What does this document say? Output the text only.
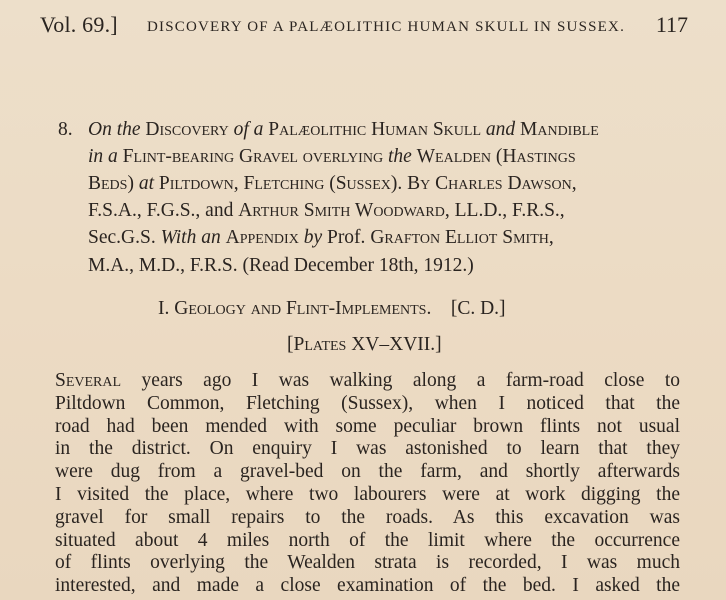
Vol. 69.] DISCOVERY OF A PALÆOLITHIC HUMAN SKULL IN SUSSEX. 117
8. On the Discovery of a Palæolithic Human Skull and Mandible
in a Flint-bearing Gravel overlying the Wealden (Hastings
Beds) at Piltdown, Fletching (Sussex). By Charles Dawson,
F.S.A., F.G.S., and Arthur Smith Woodward, LL.D., F.R.S.,
Sec.G.S. With an Appendix by Prof. Grafton Elliot Smith,
M.A., M.D., F.R.S. (Read December 18th, 1912.)
I. Geology and Flint-Implements. [C. D.]
[Plates XV–XVII.]
Several years ago I was walking along a farm-road close to
Piltdown Common, Fletching (Sussex), when I noticed that the
road had been mended with some peculiar brown flints not usual
in the district. On enquiry I was astonished to learn that they
were dug from a gravel-bed on the farm, and shortly afterwards
I visited the place, where two labourers were at work digging the
gravel for small repairs to the roads. As this excavation was
situated about 4 miles north of the limit where the occurrence
of flints overlying the Wealden strata is recorded, I was much
interested, and made a close examination of the bed. I asked the
